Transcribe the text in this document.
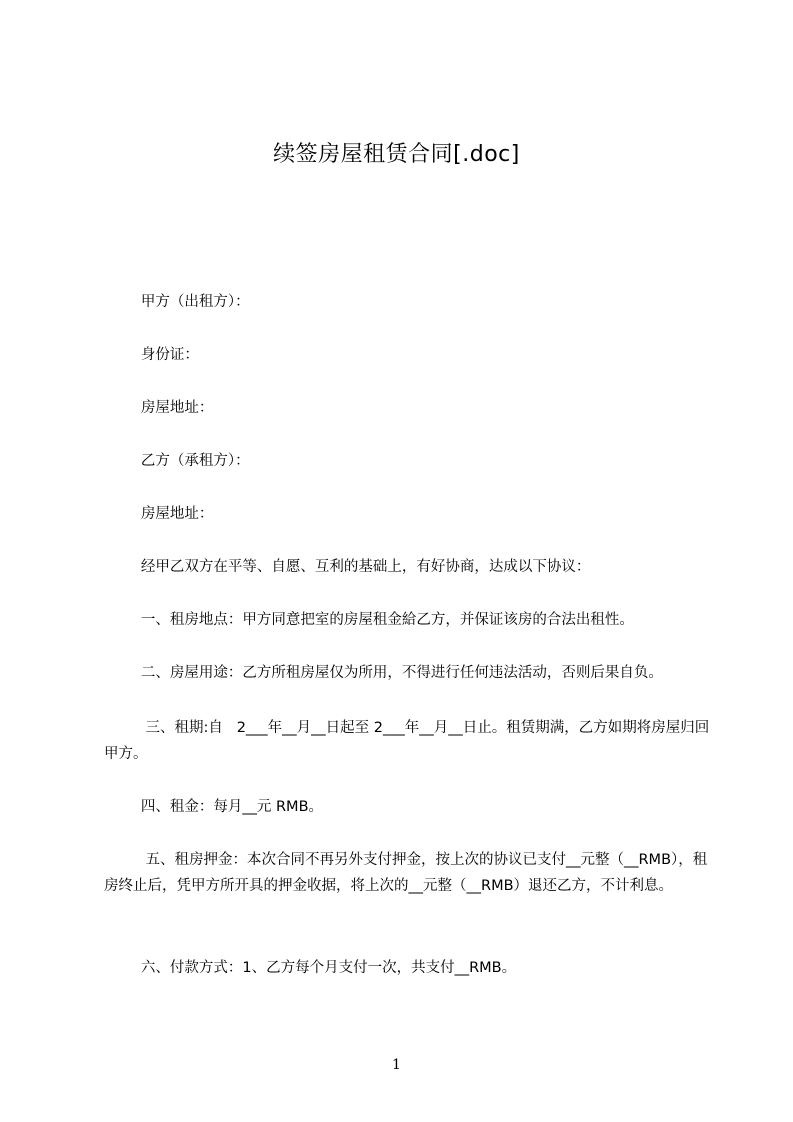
续签房屋租赁合同[.doc]
甲方（出租方）：
身份证：
房屋地址：
乙方（承租方）：
房屋地址：
经甲乙双方在平等、自愿、互利的基础上，有好协商，达成以下协议：
一、租房地点：甲方同意把室的房屋租金給乙方，并保证该房的合法出租性。
二、房屋用途：乙方所租房屋仅为所用，不得进行任何违法活动，否则后果自负。
三、租期:自   2___年__月__日起至 2___年__月__日止。租赁期满，乙方如期将房屋归回甲方。
四、租金：每月__元 RMB。
五、租房押金：本次合同不再另外支付押金，按上次的协议已支付__元整（__RMB），租房终止后，凭甲方所开具的押金收据，将上次的__元整（__RMB）退还乙方，不计利息。
六、付款方式：1、乙方每个月支付一次，共支付__RMB。
1
